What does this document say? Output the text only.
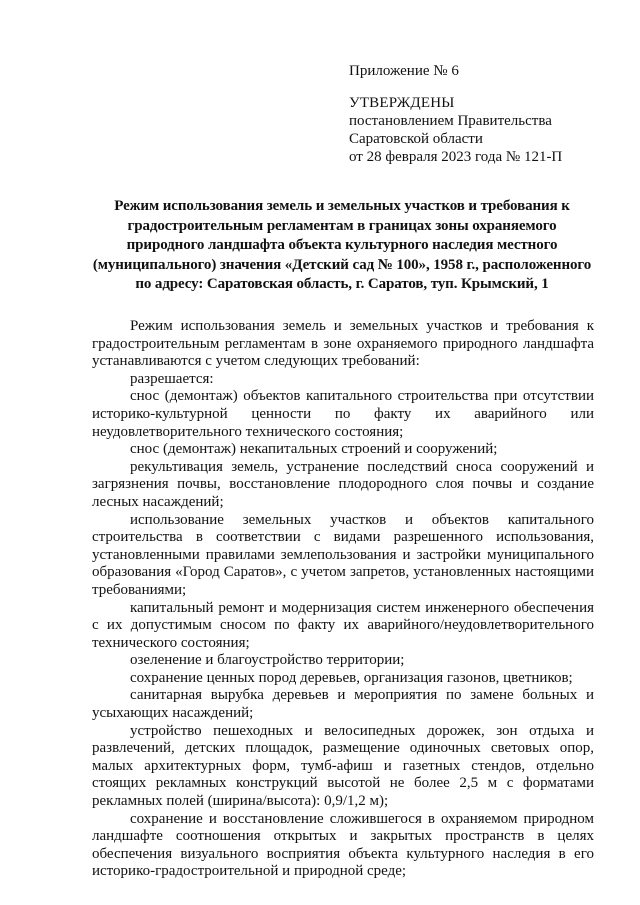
Приложение № 6
УТВЕРЖДЕНЫ
постановлением Правительства
Саратовской области
от 28 февраля 2023 года № 121-П
Режим использования земель и земельных участков и требования к градостроительным регламентам в границах зоны охраняемого природного ландшафта объекта культурного наследия местного (муниципального) значения «Детский сад № 100», 1958 г., расположенного по адресу: Саратовская область, г. Саратов, туп. Крымский, 1

Режим использования земель и земельных участков и требования к градостроительным регламентам в зоне охраняемого природного ландшафта устанавливаются с учетом следующих требований:

разрешается:

снос (демонтаж) объектов капитального строительства при отсутствии историко-культурной ценности по факту их аварийного или неудовлетворительного технического состояния;

снос (демонтаж) некапитальных строений и сооружений;

рекультивация земель, устранение последствий сноса сооружений и загрязнения почвы, восстановление плодородного слоя почвы и создание лесных насаждений;

использование земельных участков и объектов капитального строительства в соответствии с видами разрешенного использования, установленными правилами землепользования и застройки муниципального образования «Город Саратов», с учетом запретов, установленных настоящими требованиями;

капитальный ремонт и модернизация систем инженерного обеспечения с их допустимым сносом по факту их аварийного/неудовлетворительного технического состояния;

озеленение и благоустройство территории;

сохранение ценных пород деревьев, организация газонов, цветников;

санитарная вырубка деревьев и мероприятия по замене больных и усыхающих насаждений;

устройство пешеходных и велосипедных дорожек, зон отдыха и развлечений, детских площадок, размещение одиночных световых опор, малых архитектурных форм, тумб-афиш и газетных стендов, отдельно стоящих рекламных конструкций высотой не более 2,5 м с форматами рекламных полей (ширина/высота): 0,9/1,2 м);

сохранение и восстановление сложившегося в охраняемом природном ландшафте соотношения открытых и закрытых пространств в целях обеспечения визуального восприятия объекта культурного наследия в его историко-градостроительной и природной среде;
